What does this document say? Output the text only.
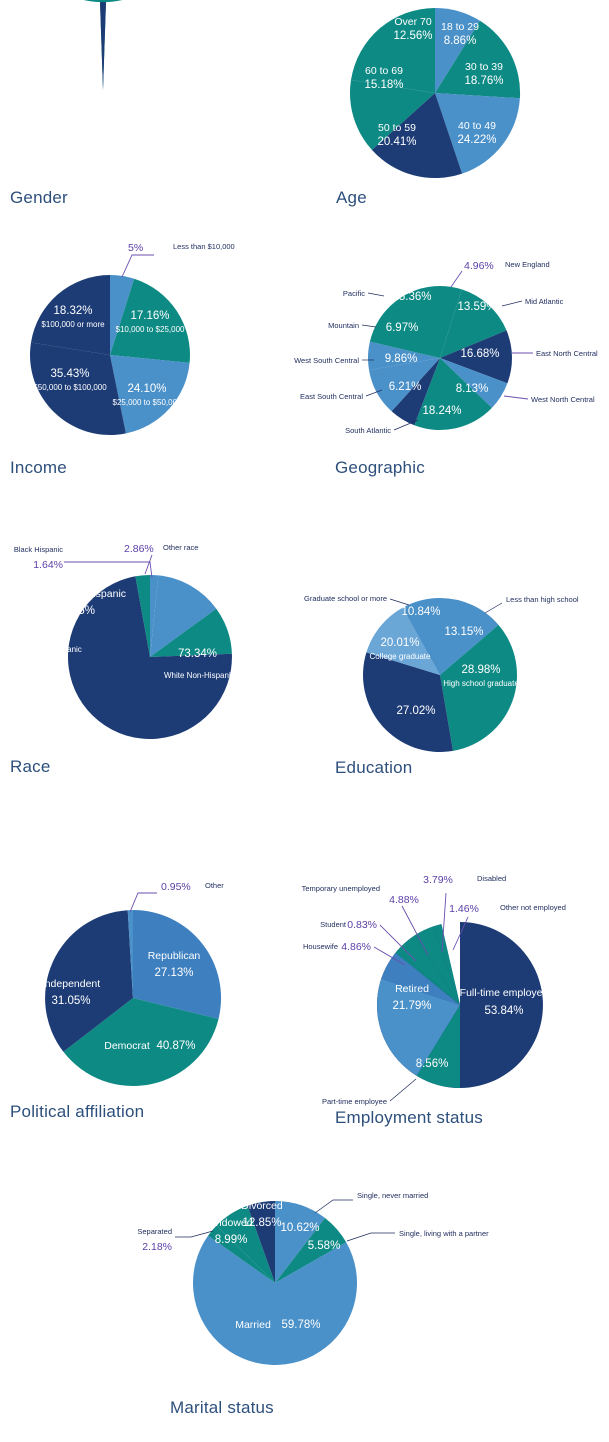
Female
51.23%
Male
48.77%
Gender
18 to 29
8.86%
30 to 39
18.76%
40 to 49
24.22%
50 to 59
20.41%
60 to 69
15.18%
Over 70
12.56%
Age
5%	Less than $10,000
17.16%
$10,000 to $25,000
24.10%
$25,000 to $50,000
35.43%
$50,000 to $100,000
18.32%
$100,000 or more
Income
4.96% New England
13.59%	Mid Atlantic
16.68%	East North Central
8.13%
West North Central
18.24%
South Atlantic
6.21%
East South Central
9.86%
West South Central
6.97%
Mountain
15.36%
Pacific
Geographic
Black Hispanic
1.64%
White Hispanic
12.45%
9.7%
Black Non-Hispanic	73.34%
White Non-Hispanic
2.86% Other race
Race
13.15%
Less than high school
28.98%
High school graduate
27.02%
20.01%
College graduate
10.84%
Graduate school or more
Education
Republican
27.13%
Democrat 40.87%
Independent
31.05%
0.95% Other
Political affiliation
Full-time employee
53.84%
8.56%
Part-time employee
Retired
21.79%
4.86%
Housewife
0.83%
Student
4.88%
Temporary unemployed
3.79%	Disabled
1.46%	Other not employed
Employment status
10.62%
Single, never married
5.58%
Single, living with a partner
Married 59.78%
Separated
2.18%
Widowed
8.99%
Divorced
12.85%
Marital status
